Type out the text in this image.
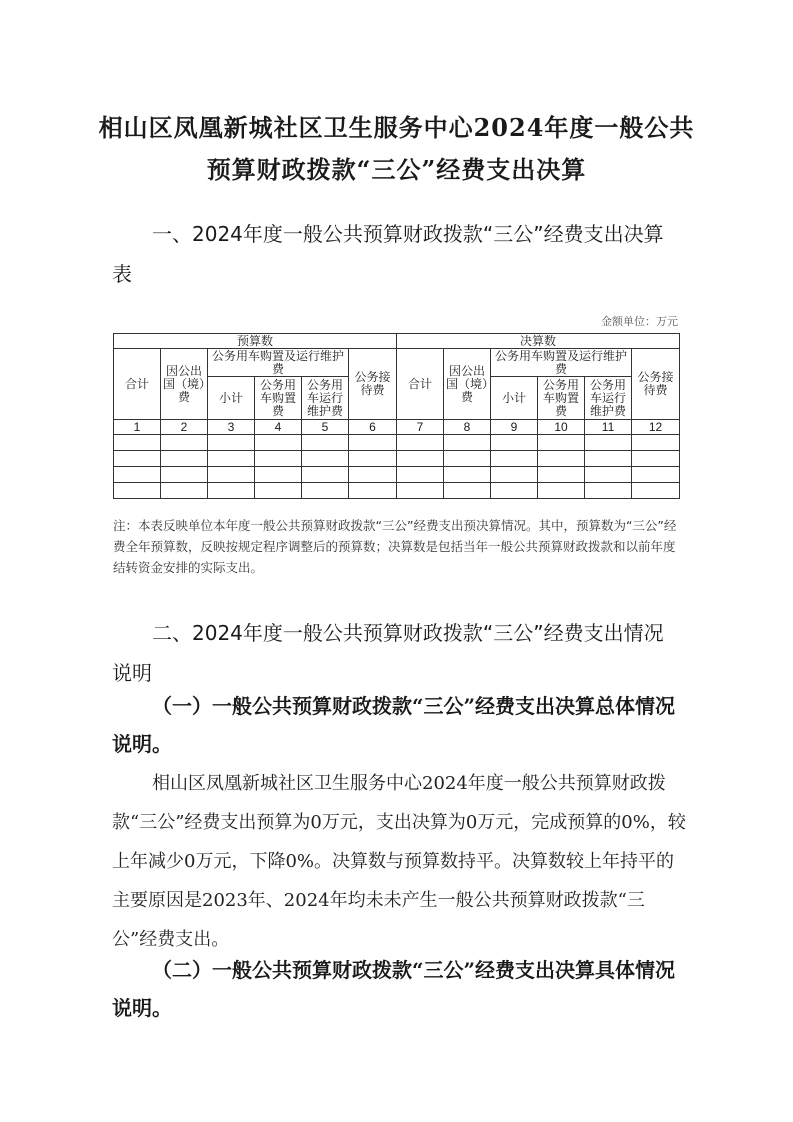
相山区凤凰新城社区卫生服务中心2024年度一般公共
预算财政拨款“三公”经费支出决算

一、2024年度一般公共预算财政拨款“三公”经费支出决算表

金额单位：万元
预算数						决算数					
合计	因公出国（境）费	公务用车购置及运行维护费			公务接待费	合计	因公出国（境）费	公务用车购置及运行维护费			公务接待费
		小计	公务用车购置费	公务用车运行维护费				小计	公务用车购置费	公务用车运行维护费	
1	2	3	4	5	6	7	8	9	10	11	12

注：本表反映单位本年度一般公共预算财政拨款“三公”经费支出预决算情况。其中，预算数为“三公”经费全年预算数，反映按规定程序调整后的预算数；决算数是包括当年一般公共预算财政拨款和以前年度结转资金安排的实际支出。

二、2024年度一般公共预算财政拨款“三公”经费支出情况说明

（一）一般公共预算财政拨款“三公”经费支出决算总体情况说明。

相山区凤凰新城社区卫生服务中心2024年度一般公共预算财政拨款“三公”经费支出预算为0万元，支出决算为0万元，完成预算的0%，较上年减少0万元，下降0%。决算数与预算数持平。决算数较上年持平的主要原因是2023年、2024年均未未产生一般公共预算财政拨款“三公”经费支出。

（二）一般公共预算财政拨款“三公”经费支出决算具体情况说明。
